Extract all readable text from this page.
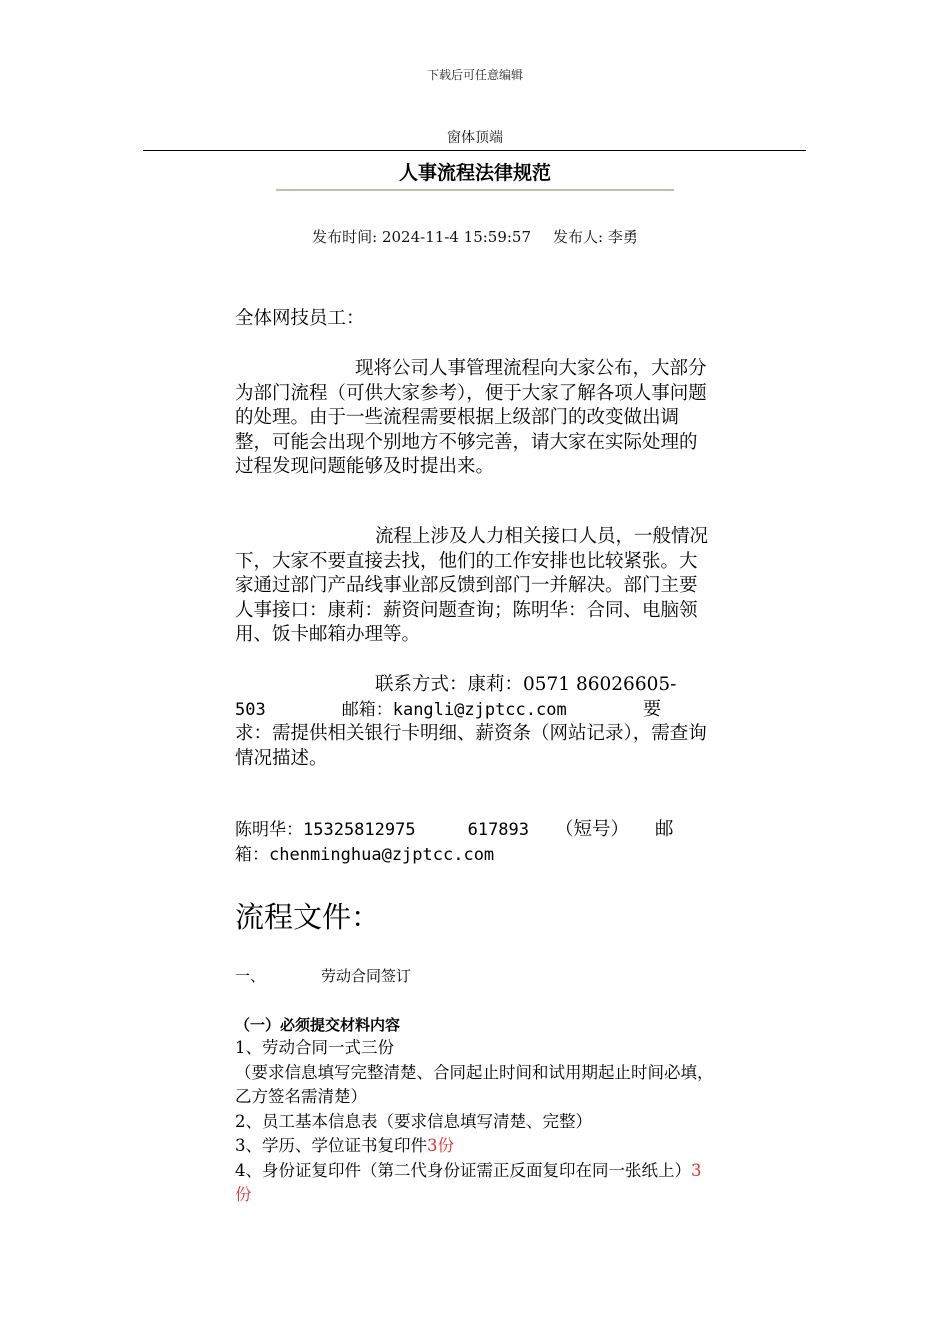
下载后可任意编辑
窗体顶端
人事流程法律规范
发布时间: 2024-11-4 15:59:57 发布人: 李勇
全体网技员工：
现将公司人事管理流程向大家公布，大部分为部门流程（可供大家参考），便于大家了解各项人事问题的处理。由于一些流程需要根据上级部门的改变做出调整，可能会出现个别地方不够完善，请大家在实际处理的过程发现问题能够及时提出来。
流程上涉及人力相关接口人员，一般情况下，大家不要直接去找，他们的工作安排也比较紧张。大家通过部门产品线事业部反馈到部门一并解决。部门主要人事接口：康莉：薪资问题查询；陈明华：合同、电脑领用、饭卡邮箱办理等。
联系方式：康莉：0571 86026605-
503	邮箱：kangli@zjptcc.com	要
求：需提供相关银行卡明细、薪资条（网站记录），需查询情况描述。
陈明华：15325812975	617893 （短号） 邮
箱：chenminghua@zjptcc.com
流程文件：
一、	劳动合同签订
（一）必须提交材料内容
1、劳动合同一式三份
（要求信息填写完整清楚、合同起止时间和试用期起止时间必填，乙方签名需清楚）
2、员工基本信息表（要求信息填写清楚、完整）
3、学历、学位证书复印件3份
4、身份证复印件（第二代身份证需正反面复印在同一张纸上）3份
